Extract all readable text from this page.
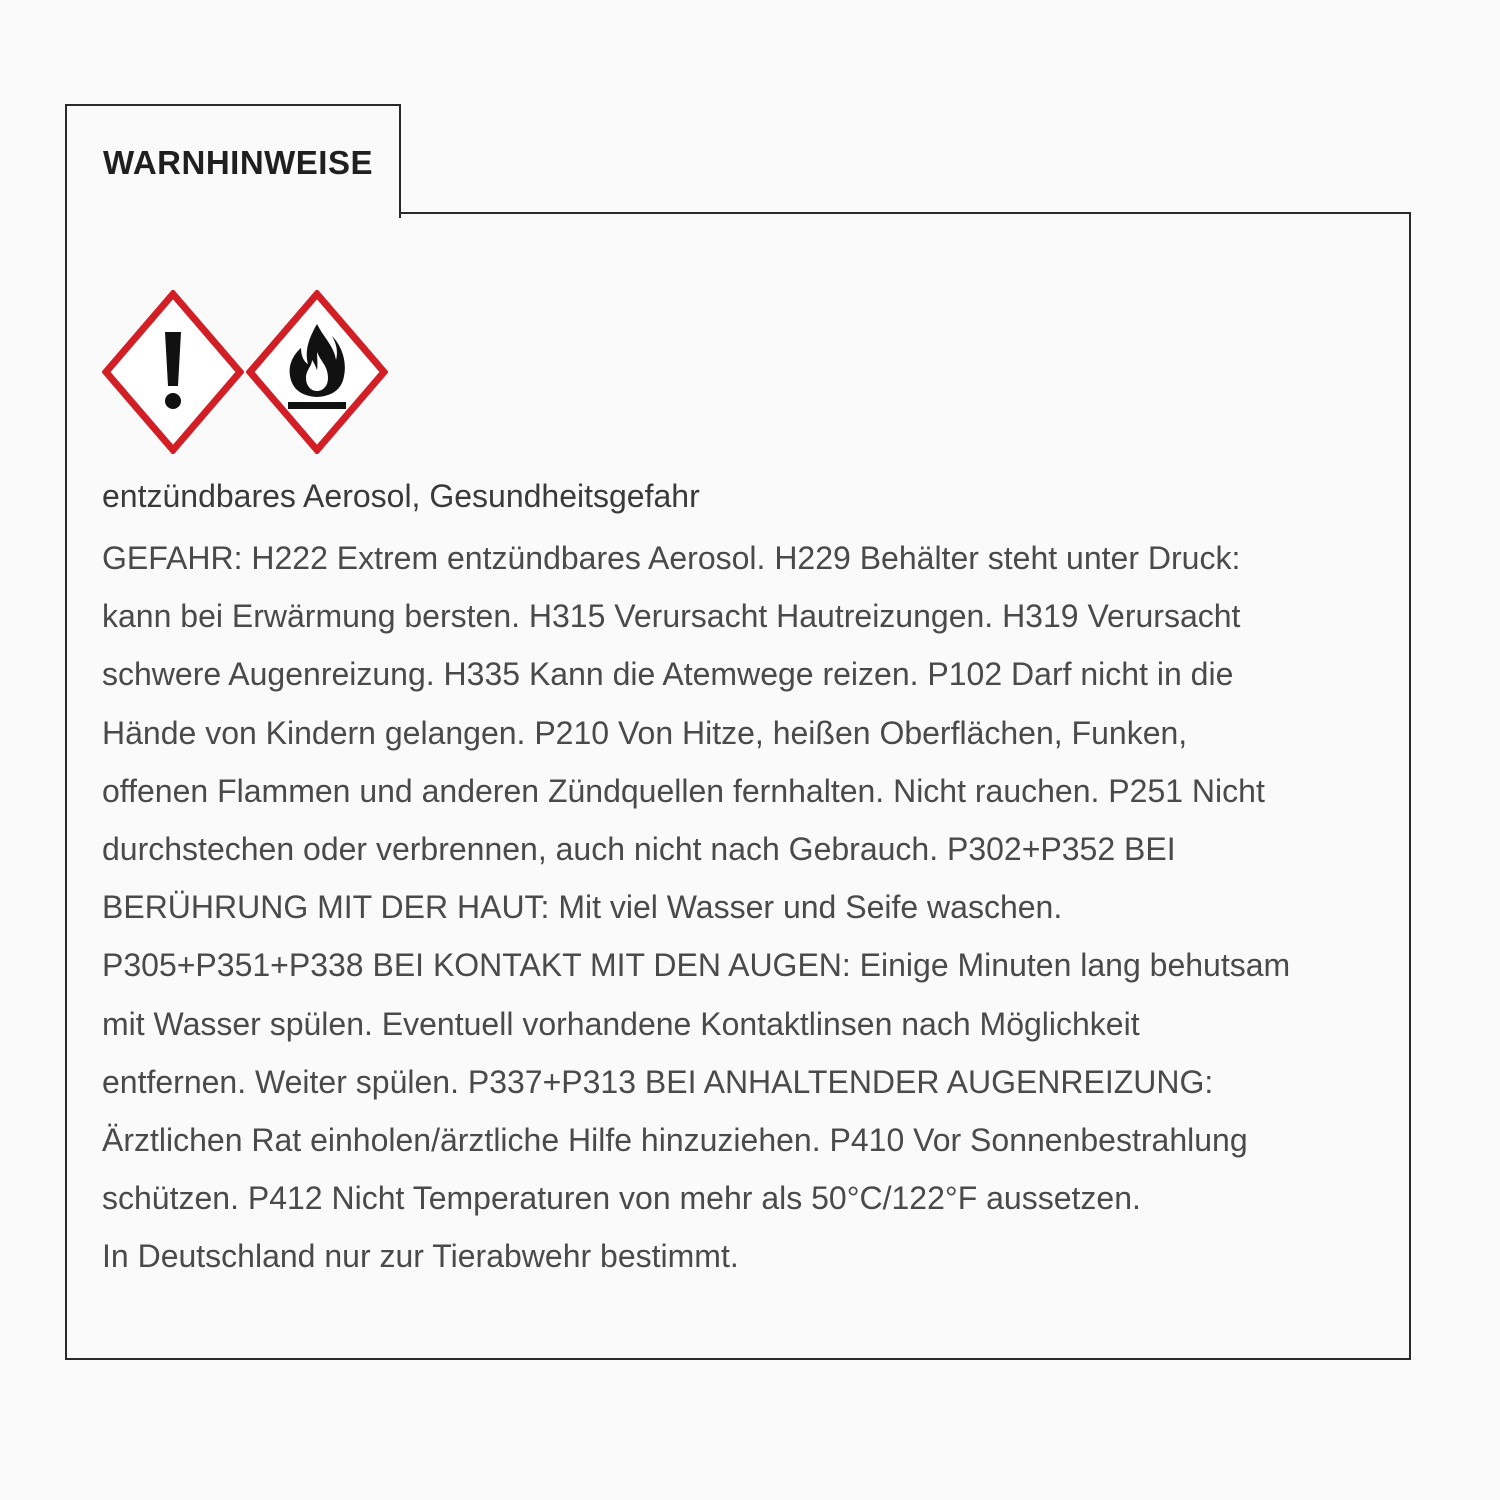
WARNHINWEISE
entzündbares Aerosol, Gesundheitsgefahr
GEFAHR: H222 Extrem entzündbares Aerosol. H229 Behälter steht unter Druck:
kann bei Erwärmung bersten. H315 Verursacht Hautreizungen. H319 Verursacht
schwere Augenreizung. H335 Kann die Atemwege reizen. P102 Darf nicht in die
Hände von Kindern gelangen. P210 Von Hitze, heißen Oberflächen, Funken,
offenen Flammen und anderen Zündquellen fernhalten. Nicht rauchen. P251 Nicht
durchstechen oder verbrennen, auch nicht nach Gebrauch. P302+P352 BEI
BERÜHRUNG MIT DER HAUT: Mit viel Wasser und Seife waschen.
P305+P351+P338 BEI KONTAKT MIT DEN AUGEN: Einige Minuten lang behutsam
mit Wasser spülen. Eventuell vorhandene Kontaktlinsen nach Möglichkeit
entfernen. Weiter spülen. P337+P313 BEI ANHALTENDER AUGENREIZUNG:
Ärztlichen Rat einholen/ärztliche Hilfe hinzuziehen. P410 Vor Sonnenbestrahlung
schützen. P412 Nicht Temperaturen von mehr als 50°C/122°F aussetzen.
In Deutschland nur zur Tierabwehr bestimmt.
